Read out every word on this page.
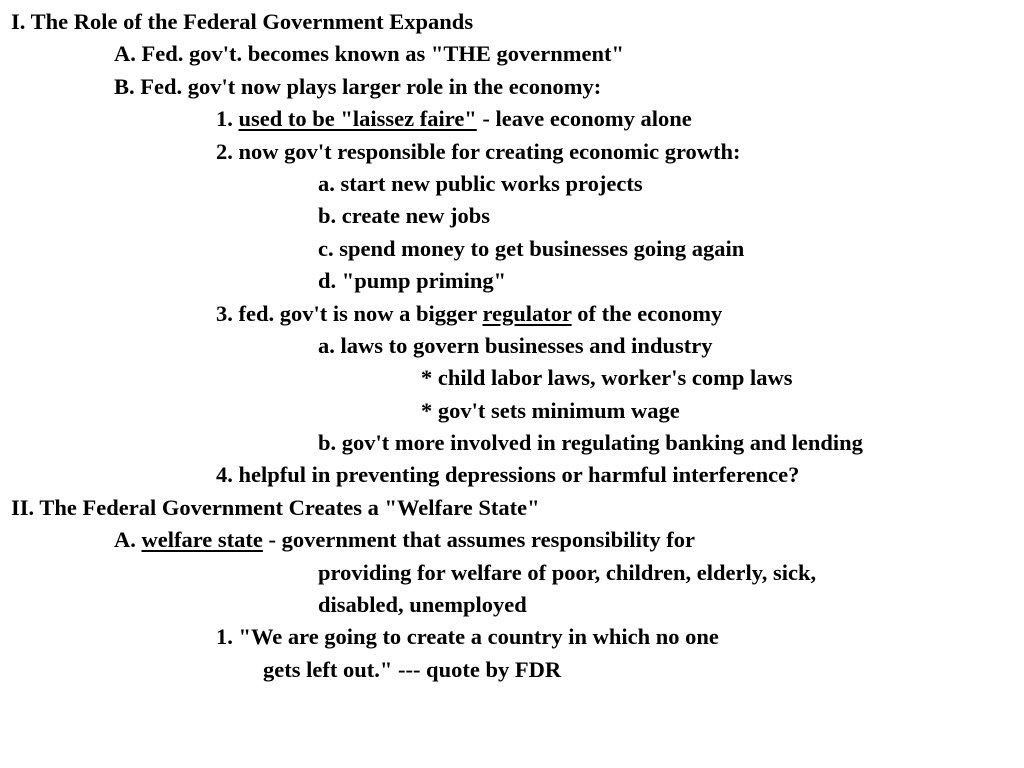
I. The Role of the Federal Government Expands
A. Fed. gov't. becomes known as "THE government"
B. Fed. gov't now plays larger role in the economy:
1. used to be "laissez faire" - leave economy alone
2. now gov't responsible for creating economic growth:
a. start new public works projects
b. create new jobs
c. spend money to get businesses going again
d. "pump priming"
3. fed. gov't is now a bigger regulator of the economy
a. laws to govern businesses and industry
* child labor laws, worker's comp laws
* gov't sets minimum wage
b. gov't more involved in regulating banking and lending
4. helpful in preventing depressions or harmful interference?
II. The Federal Government Creates a "Welfare State"
A. welfare state - government that assumes responsibility for
providing for welfare of poor, children, elderly, sick,
disabled, unemployed
1. "We are going to create a country in which no one
gets left out." --- quote by FDR
